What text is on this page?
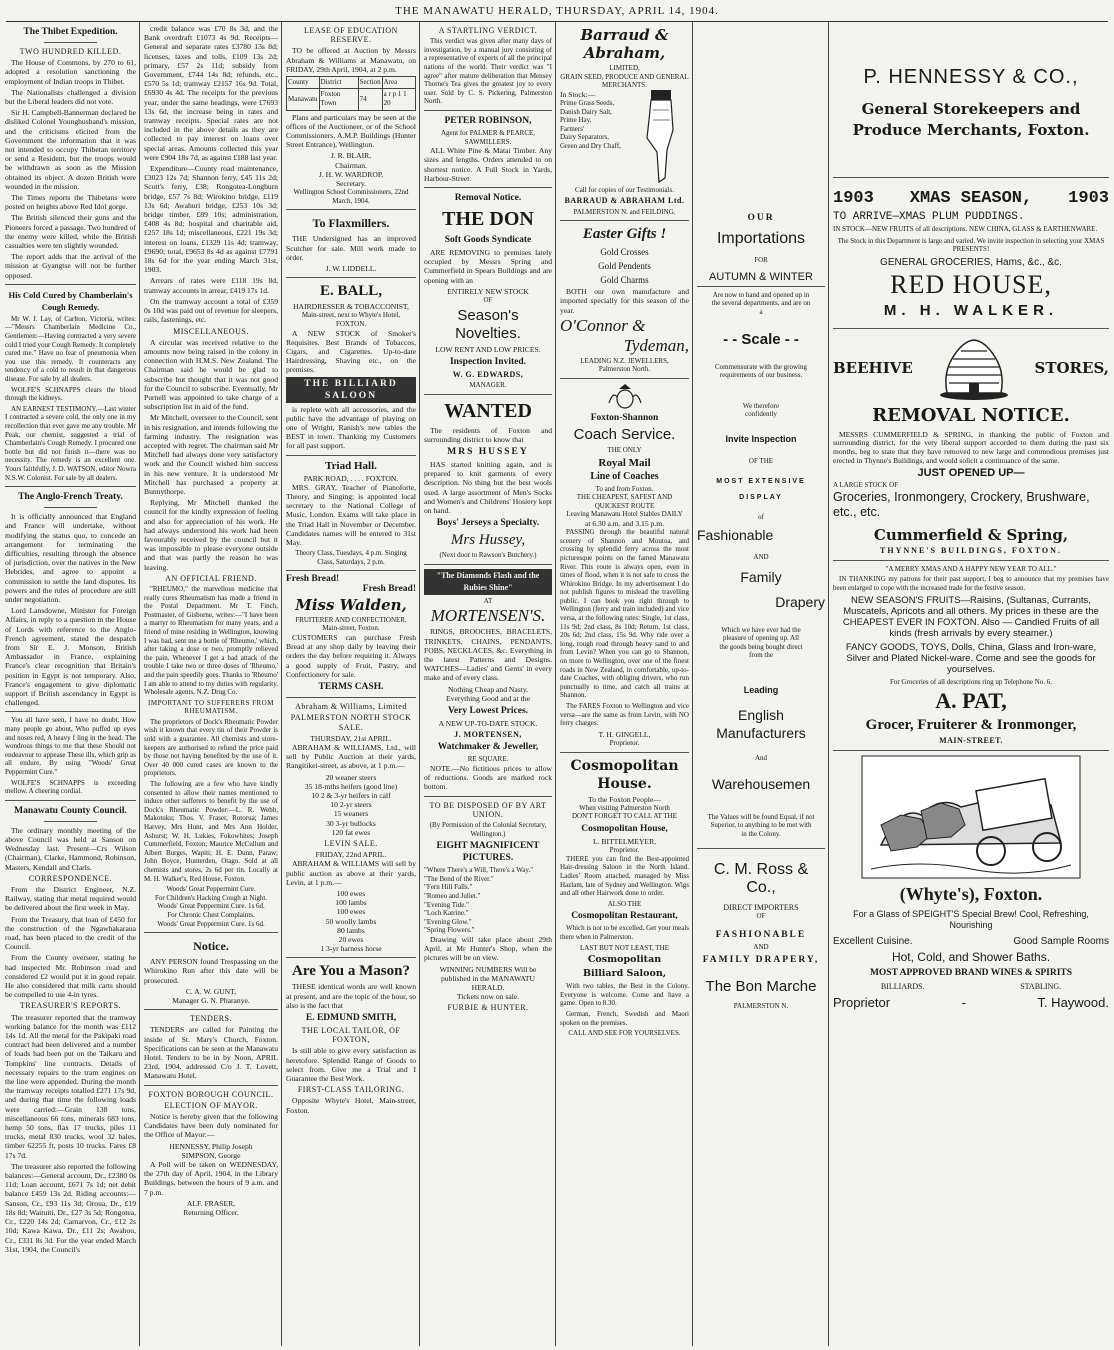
THE MANAWATU HERALD, THURSDAY, APRIL 14, 1904.
The Thibet Expedition.
TWO HUNDRED KILLED.
The House of Commons, by 270 to 61, adopted a resolution sanctioning the employment of Indian troops in Thibet.
The Nationalists challenged a division but the Liberal leaders did not vote.
Sir H. Campbell-Bannerman declared he disliked Colonel Younghusband's mission, and the criticisms elicited from the Government the information that it was not intended to occupy Thibetan territory or send a Resident, but the troops would be withdrawn as soon as the Mission obtained its object. A dozen British were wounded in the mission.
The Times reports the Thibetans were posted on heights above Red Idol gorge.
The British silenced their guns and the Pioneers forced a passage. Two hundred of the enemy were killed, while the British casualties were ten slightly wounded.
The report adds that the arrival of the mission at Gyangtse will not be further opposed.
His Cold Cured by Chamberlain's Cough Remedy.
Mr W. J. Lay, of Carlton, Victoria, writes:—"Messrs Chamberlain Medicine Co., Gentlemen:—Having contracted a very severe cold I tried your Cough Remedy. It completely cured me." Have no fear of pneumonia when you use this remedy. It counteracts any tendency of a cold to result in that dangerous disease. For sale by all dealers.
WOLFE'S SCHNAPPS clears the blood through the kidneys.
AN EARNEST TESTIMONY.—Last winter I contracted a severe cold, the only one in my recollection that ever gave me any trouble. Mr Peak, our chemist, suggested a trial of Chamberlain's Cough Remedy. I procured one bottle but did not finish it—there was no necessity. The remedy is an excellent one. Yours faithfully, J. D. WATSON, editor Nowra N.S.W. Colonist. For sale by all dealers.
The Anglo-French Treaty.
It is officially announced that England and France will undertake, without modifying the status quo, to concede an arrangement for terminating the difficulties, resulting through the absence of jurisdiction, over the natives in the New Hebrides, and agree to appoint a commission to settle the land disputes. Its powers and the rules of procedure are still under negotiation.
Lord Lansdowne, Minister for Foreign Affairs, in reply to a question in the House of Lords with reference to the Anglo-French agreement, stated the despatch from Sir E. J. Monson, British Ambassador in France, explaining France's clear recognition that Britain's position in Egypt is not temporary. Also, France's engagement to give diplomatic support if British ascendancy in Egypt is challenged.
You all have seen, I have no doubt, How many people go about, Who puffed up eyes and noses red, A heavy f ling in the head. The wondrous things to me that these Should not endeavour to appease These ills, which grip as all endure, By using "Woods' Great Peppermint Cure."
WOLFE'S SCHNAPPS is exceeding mellow. A cheering cordial.
Manawatu County Council.
The ordinary monthly meeting of the above Council was held at Sanson on Wednesday last. Present—Crs Wilson (Chairman), Clarke, Hammond, Robinson, Masters, Kendall and Clarls.
CORRESPONDENCE.
From the District Engineer, N.Z. Railway, stating that metal required would be delivered about the first week in May.
From the Treasury, that loan of £450 for the construction of the Ngawhakaraua road, has been placed to the credit of the Council.
From the County overseer, stating he had inspected Mr. Robinson road and considered £2 would put it in good repair. He also considered that milk carts should be compelled to use 4-in tyres.
TREASURER'S REPORTS.
The treasurer reported that the tramway working balance for the month was £112 14s 1d. All the metal for the Pakipaki road contract had been delivered and a number of loads had been put on the Taikaru and Tompkins' line contracts. Details of necessary repairs to the tram engines on the line were appended. During the month the tramway receipts totalled £271 17s 9d, and during that time the following loads were carried:—Grain 138 tons, miscellaneous 66 tons, minerals 683 tons, hemp 50 tons, flax 17 trucks, piles 11 trucks, metal 830 trucks, wool 32 bales, timber 62255 ft, posts 10 trucks. Fares £8 17s 7d.
The treasurer also reported the following balances:—General account, Dr., £2380 0s 11d; Loan account, £671 7s 1d; net debit balance £459 13s 2d. Riding accounts:—Sanson, Cr., £93 11s 3d; Oroua, Dr., £19 18s 8d; Waituiti, Dr., £27 3s 5d; Rongotea, Cr., £220 14s 2d; Carnarvon, Cr., £12 2s 10d; Kawa Kawa, Dr., £11 2s; Awahou, Cr., £331 8s 3d. For the year ended March 31st, 1904, the Council's
credit balance was £70 8s 3d, and the Bank overdraft £1073 4s 9d. Receipts—General and separate rates £3780 13s 8d; licenses, taxes and tolls, £109 13s 2d; primary, £57 2s 11d; subsidy from Government, £744 14s 8d; refunds, etc., £570 5s 1d; tramway £2157 16s 9d. Total, £6930 4s 4d. The receipts for the previous year, under the same headings, were £7693 13s 6d, the increase being in rates and tramway receipts. Special rates are not included in the above details as they are collected to pay interest on loans over special areas. Amounts collected this year were £904 18s 7d, as against £188 last year.
Expenditure—County road maintenance, £3023 12s 7d; Shannon ferry, £45 11s 2d; Scott's ferry, £38; Rongotea-Longburn bridge, £57 7s 8d; Wirokino bridge, £119 13s 6d; Awahuri bridge, £253 10s 3d; bridge timber, £89 10s; administration, £408 4s 8d; hospital and charitable aid, £257 18s 1d; miscellaneous, £221 19s 3d; interest on loans, £1329 11s 4d; tramway, £9690; total, £9653 8s 4d as against £7791 18s 6d for the year ending March 31st, 1903.
Arrears of rates were £118 19s 8d, tramway accounts in arrear, £419 17s 1d.
On the tramway account a total of £359 0s 10d was paid out of revenue for sleepers, rails, fastenings, etc.
MISCELLANEOUS.
A circular was received relative to the amounts now being raised in the colony in connection with H.M.S. New Zealand. The Chairman said he would be glad to subscribe but thought that it was not good for the Council to subscribe. Eventually, Mr Purnell was appointed to take charge of a subscription list in aid of the fund.
Mr Mitchell, overseer to the Council, sent in his resignation, and intends following the farming industry. The resignation was accepted with regret. The chairman said Mr Mitchell had always done very satisfactory work and the Council wished him success in his new venture. It is understood Mr Mitchell has purchased a property at Bunnythorpe.
Replying, Mr Mitchell thanked the council for the kindly expression of feeling and also for appreciation of his work. He had always understood his work had been favourably received by the council but it was impossible to please everyone outside and that was partly the reason he was leaving.
AN OFFICIAL FRIEND.
"RHEUMO," the marvellous medicine that really cures Rheumatism has made a friend in the Postal Department. Mr T. Finch, Postmaster, of Gisborne, writes:—"I have been a martyr to Rheumatism for many years, and a friend of mine residing in Wellington, knowing I was bad, sent me a bottle of 'Rheumo,' which, after taking a dose or two, promptly relieved the pain. Whenever I get a bad attack of the trouble I take two or three doses of 'Rheumo,' and the pain speedily goes. Thanks to 'Rheumo' I am able to attend to my duties with regularity. Wholesale agents, N.Z. Drug Co.
IMPORTANT TO SUFFERERS FROM RHEUMATISM.
The proprietors of Dock's Rheumatic Powder wish it known that every tin of their Powder is sold with a guarantee. All chemists and store-keepers are authorised to refund the price paid by those not having benefited by the use of it. Over 40 000 cured cases are known to the proprietors.
The following are a few who have kindly consented to allow their names mentioned to induce other sufferers to benefit by the use of Dock's Rheumatic Powder:—L. R. Webb, Makotuku; Thos. V. Fraser, Rotorua; James Harvey, Mrs Hunt, and Mrs Ann Holder, Ashurst; W. H. Lukies, Fokowhites; Joseph Cummerfield, Foxton; Maurice McCullum and Albert Burges, Wapiti; H. E. Dunn, Paraw; John Boyce, Hunterden, Otago. Sold at all chemists and stores, 2s 6d per tin. Locally at M. H. Walker's, Red House, Foxton.
Woods' Great Peppermint Cure.
For Children's Hacking Cough at Night.
Woods' Great Peppermint Cure. 1s 6d.
For Chronic Chest Complaints.
Woods' Great Peppermint Cure. 1s 6d.
Notice.
ANY PERSON found Trespassing on the Whirokino Run after this date will be prosecuted.
C. A. W. GUNT,
Manager G. N. Pharanye.
TENDERS.
TENDERS are called for Painting the inside of St. Mary's Church, Foxton. Specifications can be seen at the Manawatu Hotel. Tenders to be in by Noon, APRIL 23rd, 1904, addressed C/o J. T. Lovett, Manawatu Hotel.
FOXTON BOROUGH COUNCIL.
ELECTION OF MAYOR.
Notice is hereby given that the following Candidates have been duly nominated for the Office of Mayor:—
HENNESSY, Philip Joseph
SIMPSON, George
A Poll will be taken on WEDNESDAY, the 27th day of April, 1904, in the Library Buildings, between the hours of 9 a.m. and 7 p.m.
ALF. FRASER,
Returning Officer.
LEASE OF EDUCATION RESERVE.
TO be offered at Auction by Messrs Abraham & Williams at Manawatu, on FRIDAY, 29th April, 1904, at 2 p.m.
County	District	Section	Area
Manawatu	Foxton Town	74	a r p 1 1 20
Plans and particulars may be seen at the offices of the Auctioneer, or of the School Commissioners, A.M.P. Buildings (Hunter Street Entrance), Wellington.
J. R. BLAIR,
Chairman.
J. H. W. WARDROP,
Secretary.
Wellington School Commissioners, 22nd March, 1904.
To Flaxmillers.
THE Undersigned has an improved Scutcher for sale. Mill work made to order.
J. W. LIDDELL.
E. BALL,
HAIRDRESSER & TOBACCONIST,
Main-street, next to Whyte's Hotel, FOXTON.
A NEW STOCK of Smoker's Requisites. Best Brands of Tobaccos, Cigars, and Cigarettes. Up-to-date Hairdressing, Shaving etc., on the premises.
THE BILLIARD SALOON
is replete with all accessories, and the public have the advantage of playing on one of Wright, Ranish's new tables the BEST in town. Thanking my Customers for all past support.
Triad Hall.
PARK ROAD, . . . . FOXTON.
MRS. GRAY, Teacher of Pianoforte, Theory, and Singing; is appointed local secretary to the National College of Music, London. Exams will take place in the Triad Hall in November or December. Candidates names will be entered to 31st May.
Theory Class, Tuesdays, 4 p.m. Singing Class, Saturdays, 2 p.m.
Fresh Bread!
Fresh Bread!
Miss Walden,
FRUITERER AND CONFECTIONER, Main-street, Foxton.
CUSTOMERS can purchase Fresh Bread at any shop daily by leaving their orders the day before requiring it. Always a good supply of Fruit, Pastry, and Confectionery for sale.
TERMS CASH.
Abraham & Williams, Limited
PALMERSTON NORTH STOCK SALE.
THURSDAY, 21st APRIL.
ABRAHAM & WILLIAMS, Ltd., will sell by Public Auction at their yards, Rangitikei-street, as above, at 1 p.m.—
20 weaner steers
35 18-mths heifers (good line)
10 2 & 3-yr heifers in calf
10 2-yr steers
15 weaners
30 3-yr bullocks
120 fat ewes
LEVIN SALE.
FRIDAY, 22nd APRIL.
ABRAHAM & WILLIAMS will sell by public auction as above at their yards, Levin, at 1 p.m.—
100 ewes
100 lambs
100 ewes
50 woolly lambs
80 lambs
20 ewes
1 3-yr harness horse
Are You a Mason?
THESE identical words are well known at present, and are the topic of the hour, so also is the fact that
E. EDMUND SMITH,
THE LOCAL TAILOR, OF FOXTON,
Is still able to give every satisfaction as heretofore. Splendid Range of Goods to select from. Give me a Trial and I Guarantee the Best Work.
FIRST-CLASS TAILORING.
Opposite Whyte's Hotel, Main-street, Foxton.
A STARTLING VERDICT.
This verdict was given after many days of investigation, by a manual jury consisting of a representative of experts of all the principal nations of the world. Their verdict was "I agree" after mature deliberation that Mensey Thorne's Tea gives the greatest joy to every user. Sold by C. S. Pickering, Palmerston North.
PETER ROBINSON,
Agent for PALMER & PEARCE, SAWMILLERS.
ALL White Pine & Matai Timber. Any sizes and lengths. Orders attended to on shortest notice. A Full Stock in Yards, Harbour-Street.
Removal Notice.
THE DON
Soft Goods Syndicate
ARE REMOVING to premises lately occupied by Messrs Spring and Cummerfield in Spears Buildings and are opening with an
ENTIRELY NEW STOCK
OF
Season's Novelties.
LOW RENT AND LOW PRICES.
Inspection Invited.
W. G. EDWARDS,
MANAGER.
WANTED
The residents of Foxton and surrounding district to know that
MRS HUSSEY
HAS started knitting again, and is prepared to knit garments of every description. No thing but the best wools used. A large assortment of Men's Socks and Women's and Childrens' Hosiery kept on hand.
Boys' Jerseys a Specialty.
Mrs Hussey,
(Next door to Rawson's Butchery.)
"The Diamonds Flash and the Rubies Shine"
AT
MORTENSEN'S.
RINGS, BROOCHES, BRACELETS, TRINKETS, CHAINS, PENDANTS, FOBS, NECKLACES, &c. Everything in the latest Patterns and Designs. WATCHES—Ladies' and Gents' in every make and of every class.
Nothing Cheap and Nasty.
Everything Good and at the
Very Lowest Prices.
A NEW UP-TO-DATE STOCK.
J. MORTENSEN,
Watchmaker & Jeweller,
RE SQUARE.
NOTE.—No fictitious prices to allow of reductions. Goods are marked rock bottom.
TO BE DISPOSED OF BY ART UNION.
(By Permission of the Colonial Secretary, Wellington.)
EIGHT MAGNIFICENT PICTURES.
"Where There's a Will, There's a Way."
"The Bend of the River."
"Fern Hill Falls."
"Romeo and Juliet."
"Evening Tide."
"Loch Katrine."
"Evening Glow."
"Spring Flowers."
Drawing will take place about 29th April, at Mr Hunter's Shop, when the pictures will be on view.
WINNING NUMBERS Will be published in the MANAWATU HERALD.
Tickets now on sale.
FURBIE & HUNTER.
Barraud & Abraham,
LIMITED,
GRAIN SEED, PRODUCE AND GENERAL MERCHANTS.
In Stock:—
Prime Grass Seeds,
Danish Dairy Salt,
Prime Hay,
Farmers'
Dairy Separators,
Green and Dry Chaff,
Call for copies of our Testimonials.
BARRAUD & ABRAHAM Ltd.
PALMERSTON N. and FEILDING.
Easter Gifts !
Gold Crosses
Gold Pendents
Gold Charms
BOTH our own manufacture and imported specially for this season of the year.
O'Connor &
Tydeman,
LEADING N.Z. JEWELLERS,
Palmerston North.
Foxton-Shannon
Coach Service.
THE ONLY
Royal Mail
Line of Coaches
To and from Foxton.
THE CHEAPEST, SAFEST AND QUICKEST ROUTE
Leaving Manawatu Hotel Stables DAILY
at 6.30 a.m. and 3.15 p.m.
PASSING through the beautiful natural scenery of Shannon and Moutoa, and crossing by splendid ferry across the most picturesque points on the famed Manawatu River. This route is always open, even in times of flood, when it is not safe to cross the Whirokino Bridge. In my advertisement I do not publish figures to mislead the travelling public. I can book you right through to Wellington (ferry and train included) and vice versa, at the following rates: Single, 1st class, 11s 9d; 2nd class, 8s 10d; Return, 1st class, 20s 6d; 2nd class, 15s 9d. Why ride over a long, rough road through heavy sand to and from Levin? When you can go to Shannon, on more to Wellington, over one of the finest roads in New Zealand, in comfortable, up-to-date Coaches, with obliging drivers, who run punctually to time, and catch all trains at Shannon.
The FARES Foxton to Wellington and vice versa—are the same as from Levin, with NO ferry charges.
T. H. GINGELL,
Proprietor.
Cosmopolitan House.
To the Foxton People—
When visiting Palmerston North
DON'T FORGET TO CALL AT THE
Cosmopolitan House,
L. BITTELMEYER,
Proprietor.
THERE you can find the Best-appointed Hair-dressing Saloon in the North Island. Ladies' Room attached, managed by Miss Hazlam, late of Sydney and Wellington. Wigs and all other Hairwork done to order.
ALSO THE
Cosmopolitan Restaurant,
Which is not to be excelled. Get your meals there when in Palmerston.
LAST BUT NOT LEAST, THE
Cosmopolitan
Billiard Saloon,
With two tables, the Best in the Colony. Everyone is welcome. Come and have a game. Open to 8.30.
German, French, Swedish and Maori spoken on the premises.
CALL AND SEE FOR YOURSELVES.
OUR
Importations
FOR
AUTUMN & WINTER
Are now to hand and opened up in the several departments, and are on a
- - Scale - -
Commensurate with the growing requirements of our business.
We therefore confidently
Invite Inspection
OF THE
MOST EXTENSIVE
DISPLAY
of
Fashionable
AND
Family
Drapery
Which we have ever had the pleasure of opening up. All the goods being bought direct from the
Leading
English Manufacturers
And
Warehousemen
The Values will be found Equal, if not Superior, to anything to be met with in the Colony.
C. M. Ross & Co.,
DIRECT IMPORTERS
OF
FASHIONABLE
AND
FAMILY DRAPERY,
The Bon Marche
PALMERSTON N.
P. HENNESSY & CO.,
General Storekeepers and Produce Merchants, Foxton.
1903 XMAS SEASON, 1903
TO ARRIVE—XMAS PLUM PUDDINGS.
IN STOCK—NEW FRUITS of all descriptions. NEW CHINA, GLASS & EARTHENWARE.
The Stock in this Department is large and varied. We invite inspection in selecting your XMAS PRESENTS!
GENERAL GROCERIES, Hams, &c., &c.
RED HOUSE,
M. H. WALKER.
BEEHIVE	STORES,
REMOVAL NOTICE.
MESSRS CUMMERFIELD & SPRING, in thanking the public of Foxton and surrounding district, for the very liberal support accorded to them during the past six months, beg to state that they have removed to new large and commodious premises just erected in Thynne's Buildings, and would solicit a continuance of the same.
JUST OPENED UP—
A LARGE STOCK OF
Groceries, Ironmongery, Crockery, Brushware, etc., etc.
Cummerfield & Spring,
THYNNE'S BUILDINGS, FOXTON.
"A MERRY XMAS AND A HAPPY NEW YEAR TO ALL."
IN THANKING my patrons for their past support, I beg to announce that my premises have been enlarged to cope with the increased trade for the festive season.
NEW SEASON'S FRUITS—Raisins, (Sultanas, Currants, Muscatels, Apricots and all others. My prices in these are the CHEAPEST EVER IN FOXTON. Also — Candied Fruits of all kinds (fresh arrivals by every steamer.)
FANCY GOODS, TOYS, Dolls, China, Glass and Iron-ware, Silver and Plated Nickel-ware. Come and see the goods for yourselves.
For Groceries of all descriptions ring up Telephone No. 6.
A. PAT,
Grocer, Fruiterer & Ironmonger,
MAIN-STREET.
(Whyte's), Foxton.
For a Glass of SPEIGHT'S Special Brew! Cool, Refreshing, Nourishing
Excellent Cuisine.	Good Sample Rooms
Hot, Cold, and Shower Baths.
MOST APPROVED BRAND WINES & SPIRITS
BILLIARDS.	STABLING.
Proprietor	-	T. Haywood.
